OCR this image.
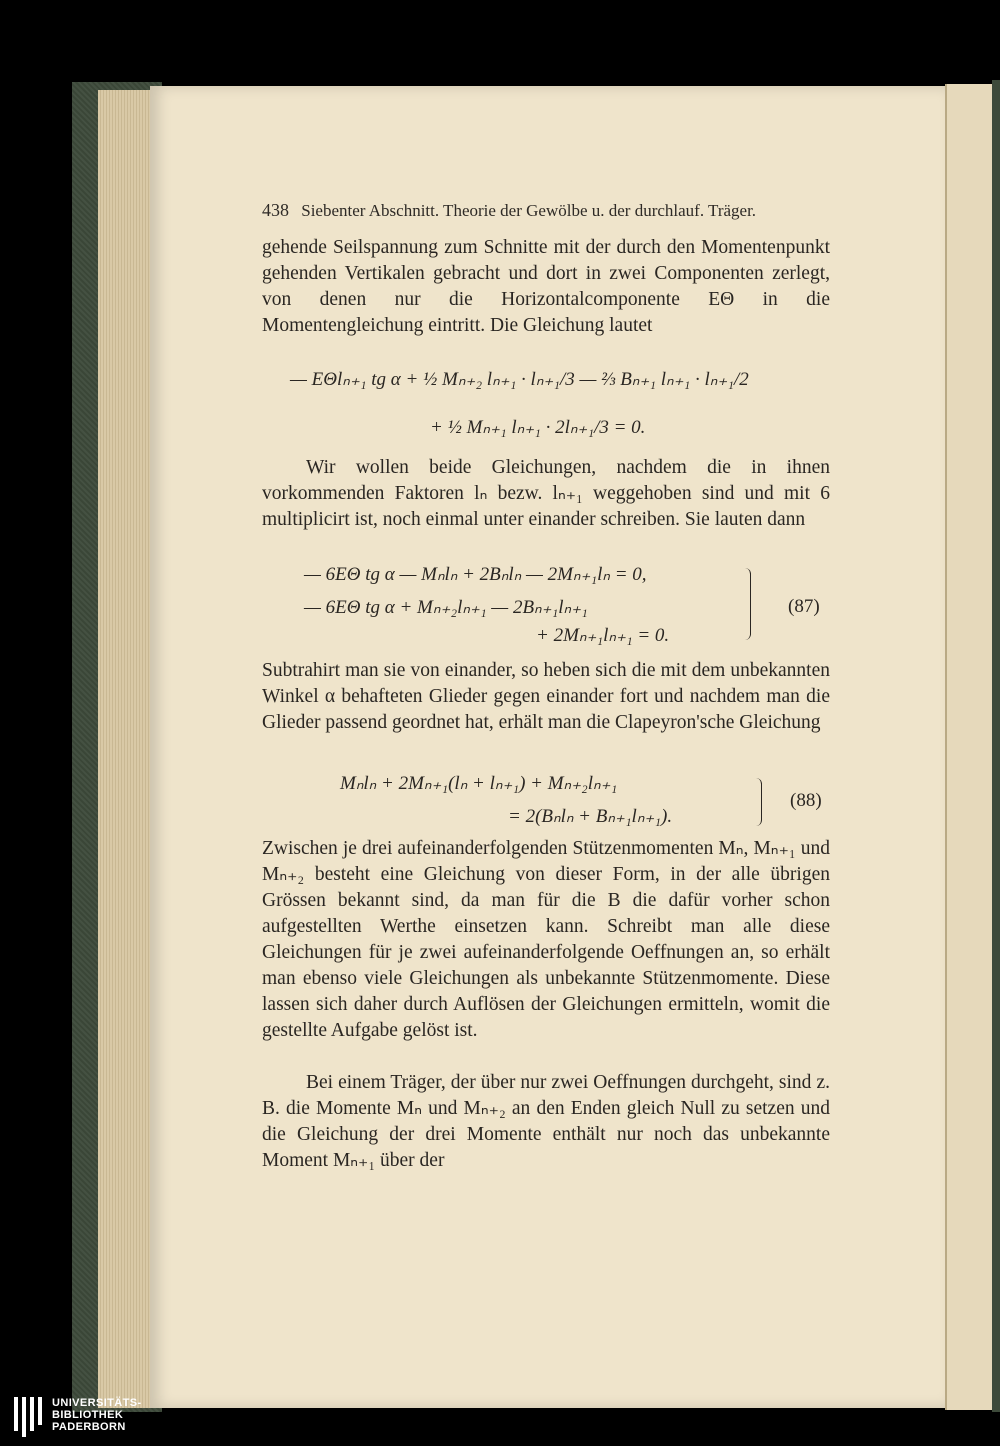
438 Siebenter Abschnitt. Theorie der Gewölbe u. der durchlauf. Träger.

gehende Seilspannung zum Schnitte mit der durch den Momentenpunkt gehenden Vertikalen gebracht und dort in zwei Componenten zerlegt, von denen nur die Horizontalcomponente EΘ in die Momentengleichung eintritt. Die Gleichung lautet

— EΘlₙ₊₁ tg α + ½ Mₙ₊₂ lₙ₊₁ · lₙ₊₁/3 — ⅔ Bₙ₊₁ lₙ₊₁ · lₙ₊₁/2
+ ½ Mₙ₊₁ lₙ₊₁ · 2lₙ₊₁/3 = 0.

Wir wollen beide Gleichungen, nachdem die in ihnen vorkommenden Faktoren lₙ bezw. lₙ₊₁ weggehoben sind und mit 6 multiplicirt ist, noch einmal unter einander schreiben. Sie lauten dann

— 6EΘ tg α — Mₙlₙ + 2Bₙlₙ — 2Mₙ₊₁lₙ = 0,
— 6EΘ tg α + Mₙ₊₂lₙ₊₁ — 2Bₙ₊₁lₙ₊₁
+ 2Mₙ₊₁lₙ₊₁ = 0.
(87)

Subtrahirt man sie von einander, so heben sich die mit dem unbekannten Winkel α behafteten Glieder gegen einander fort und nachdem man die Glieder passend geordnet hat, erhält man die Clapeyron'sche Gleichung

Mₙlₙ + 2Mₙ₊₁(lₙ + lₙ₊₁) + Mₙ₊₂lₙ₊₁
= 2(Bₙlₙ + Bₙ₊₁lₙ₊₁).
(88)

Zwischen je drei aufeinanderfolgenden Stützenmomenten Mₙ, Mₙ₊₁ und Mₙ₊₂ besteht eine Gleichung von dieser Form, in der alle übrigen Grössen bekannt sind, da man für die B die dafür vorher schon aufgestellten Werthe einsetzen kann. Schreibt man alle diese Gleichungen für je zwei aufeinanderfolgende Oeffnungen an, so erhält man ebenso viele Gleichungen als unbekannte Stützenmomente. Diese lassen sich daher durch Auflösen der Gleichungen ermitteln, womit die gestellte Aufgabe gelöst ist.

Bei einem Träger, der über nur zwei Oeffnungen durchgeht, sind z. B. die Momente Mₙ und Mₙ₊₂ an den Enden gleich Null zu setzen und die Gleichung der drei Momente enthält nur noch das unbekannte Moment Mₙ₊₁ über der

UNIVERSITÄTS-
BIBLIOTHEK
PADERBORN
